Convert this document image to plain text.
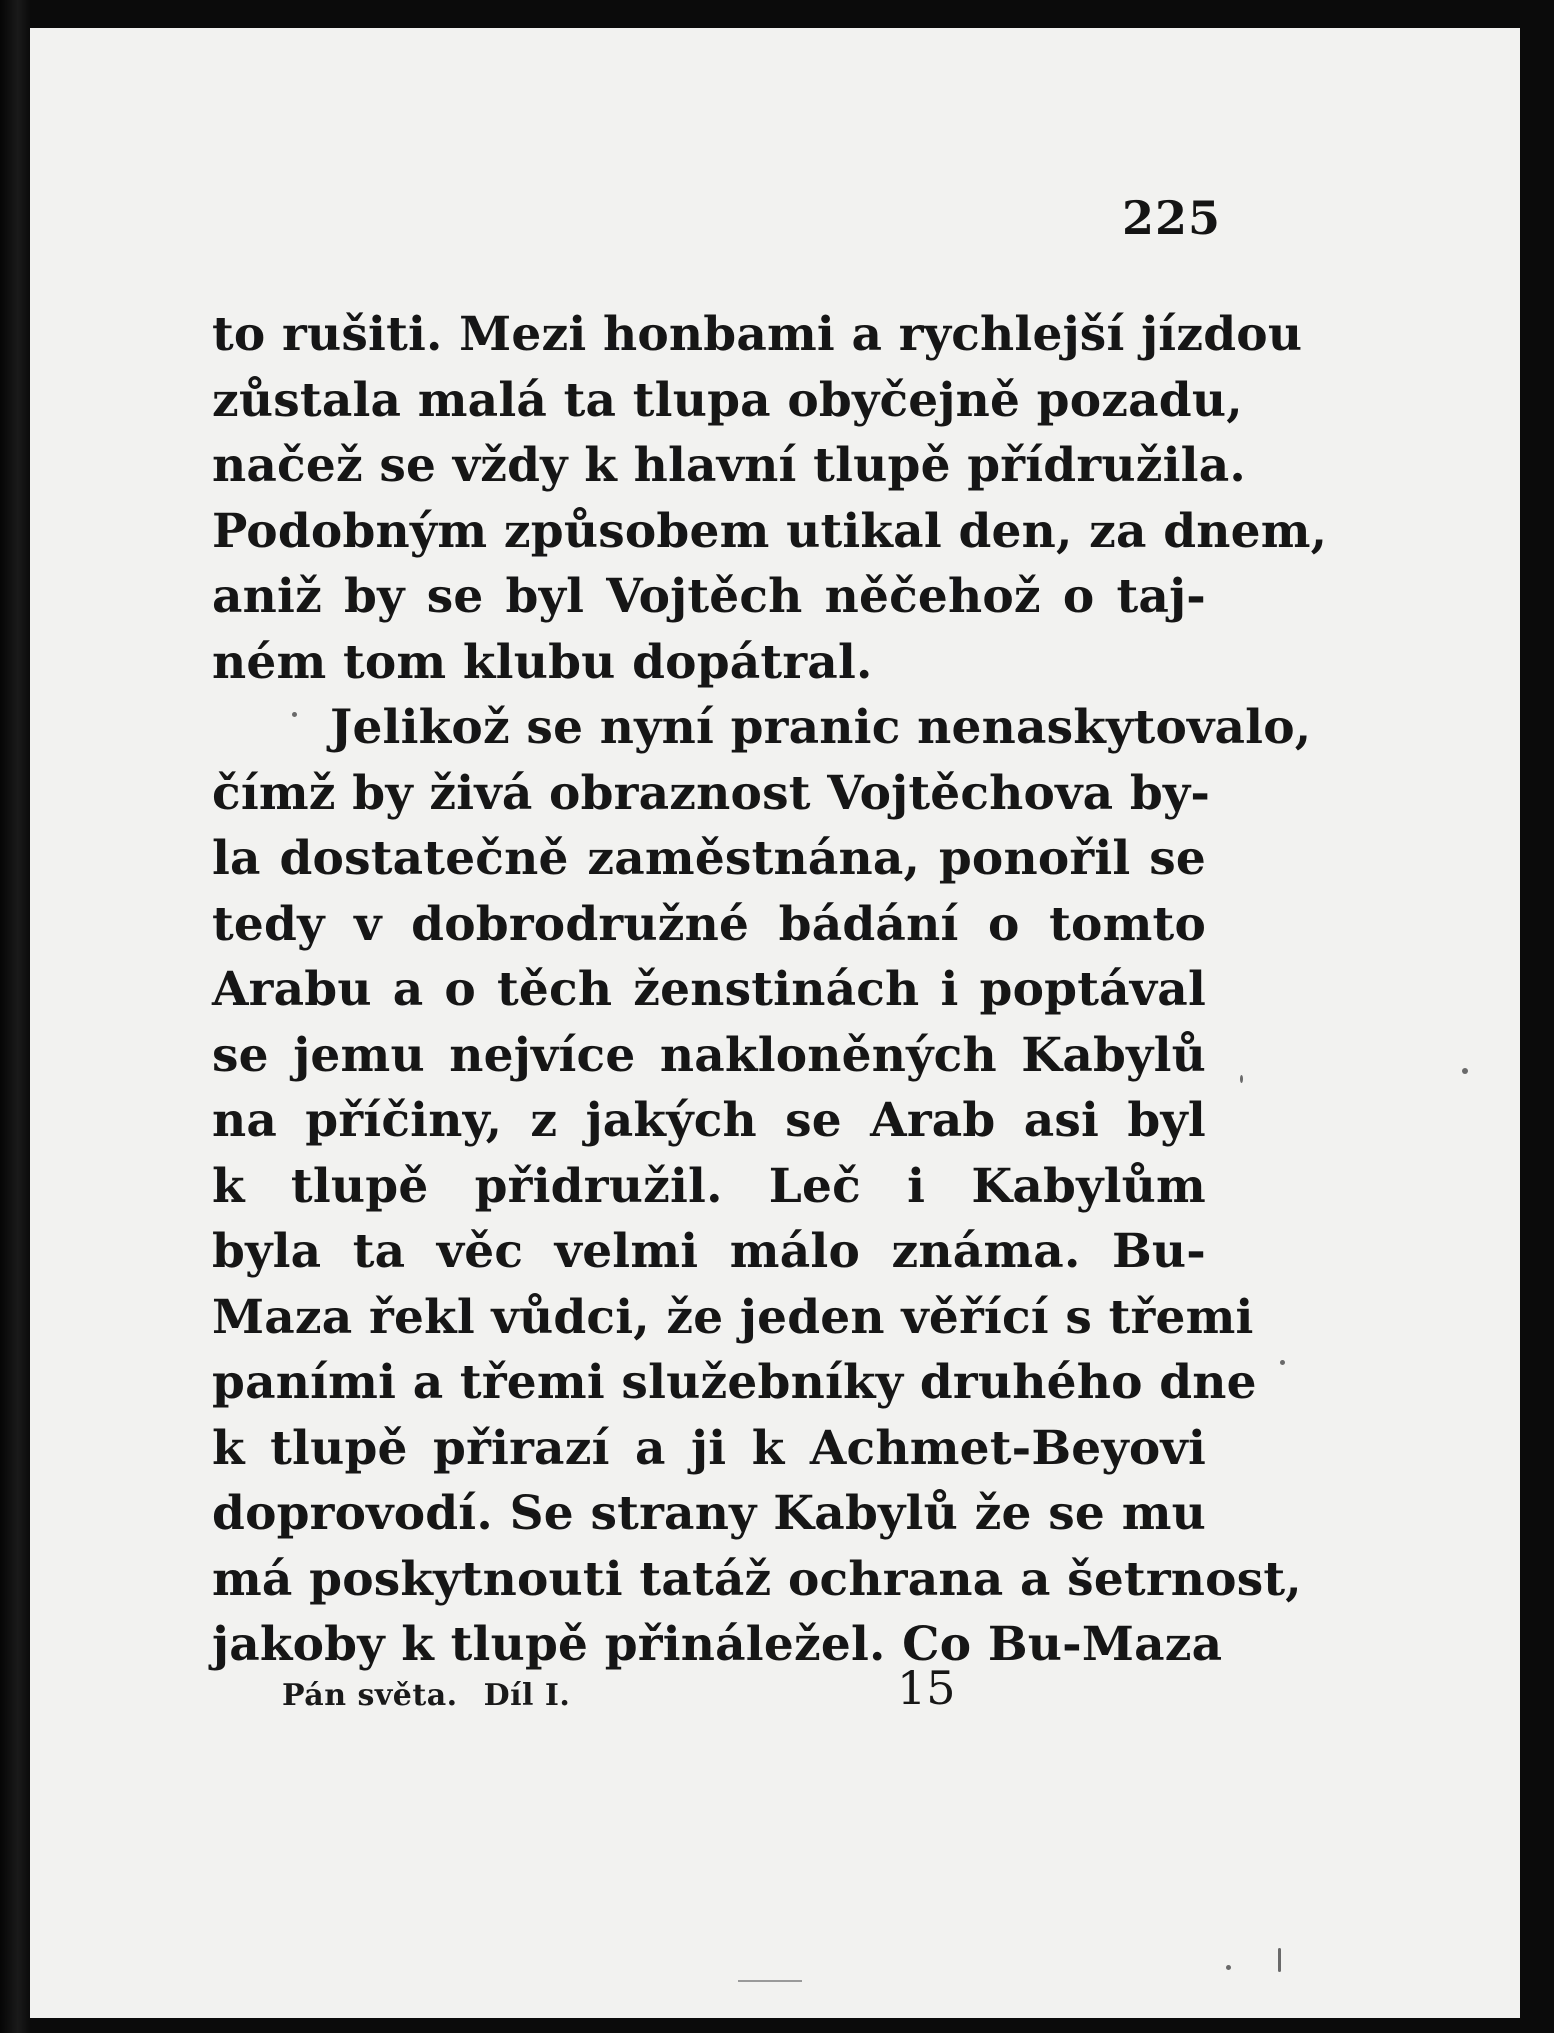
225
to rušiti. Mezi honbami a rychlejší jízdou
zůstala malá ta tlupa obyčejně pozadu,
načež se vždy k hlavní tlupě přídružila.
Podobným způsobem utikal den, za dnem,
aniž by se byl Vojtěch něčehož o taj-
ném tom klubu dopátral.
Jelikož se nyní pranic nenaskytovalo,
čímž by živá obraznost Vojtěchova by-
la dostatečně zaměstnána, ponořil se
tedy v dobrodružné bádání o tomto
Arabu a o těch ženstinách i poptával
se jemu nejvíce nakloněných Kabylů
na příčiny, z jakých se Arab asi byl
k tlupě přidružil. Leč i Kabylům
byla ta věc velmi málo známa. Bu-
Maza řekl vůdci, že jeden věřící s třemi
paními a třemi služebníky druhého dne
k tlupě přirazí a ji k Achmet-Beyovi
doprovodí. Se strany Kabylů že se mu
má poskytnouti tatáž ochrana a šetrnost,
jakoby k tlupě přináležel. Co Bu-Maza
Pán světa. Díl I.	15
